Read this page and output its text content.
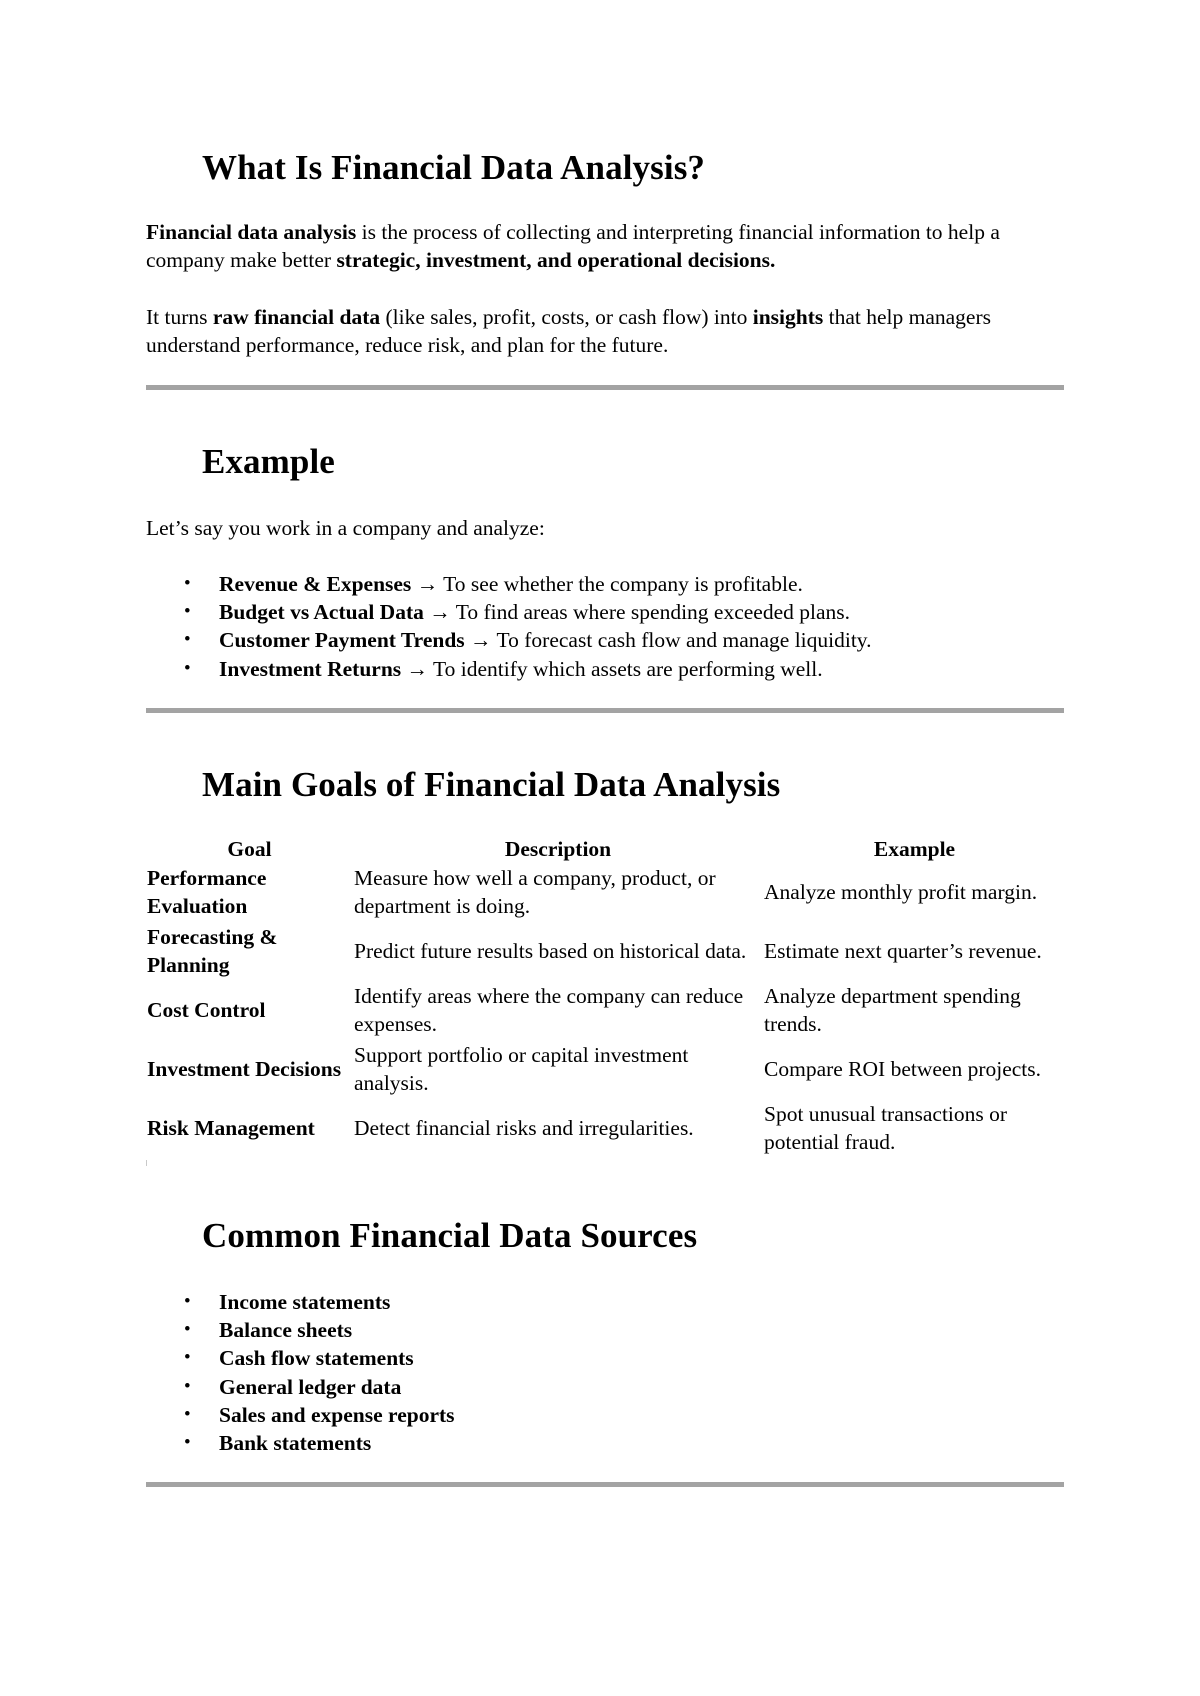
What Is Financial Data Analysis?

Financial data analysis is the process of collecting and interpreting financial information to help a company make better strategic, investment, and operational decisions.

It turns raw financial data (like sales, profit, costs, or cash flow) into insights that help managers understand performance, reduce risk, and plan for the future.

Example

Let’s say you work in a company and analyze:

• Revenue & Expenses → To see whether the company is profitable.
• Budget vs Actual Data → To find areas where spending exceeded plans.
• Customer Payment Trends → To forecast cash flow and manage liquidity.
• Investment Returns → To identify which assets are performing well.
Main Goals of Financial Data Analysis
Goal	Description	Example
Performance Evaluation	Measure how well a company, product, or department is doing.	Analyze monthly profit margin.
Forecasting & Planning	Predict future results based on historical data.	Estimate next quarter’s revenue.
Cost Control	Identify areas where the company can reduce expenses.	Analyze department spending trends.
Investment Decisions	Support portfolio or capital investment analysis.	Compare ROI between projects.
Risk Management	Detect financial risks and irregularities.	Spot unusual transactions or potential fraud.
Common Financial Data Sources
• Income statements
• Balance sheets
• Cash flow statements
• General ledger data
• Sales and expense reports
• Bank statements
